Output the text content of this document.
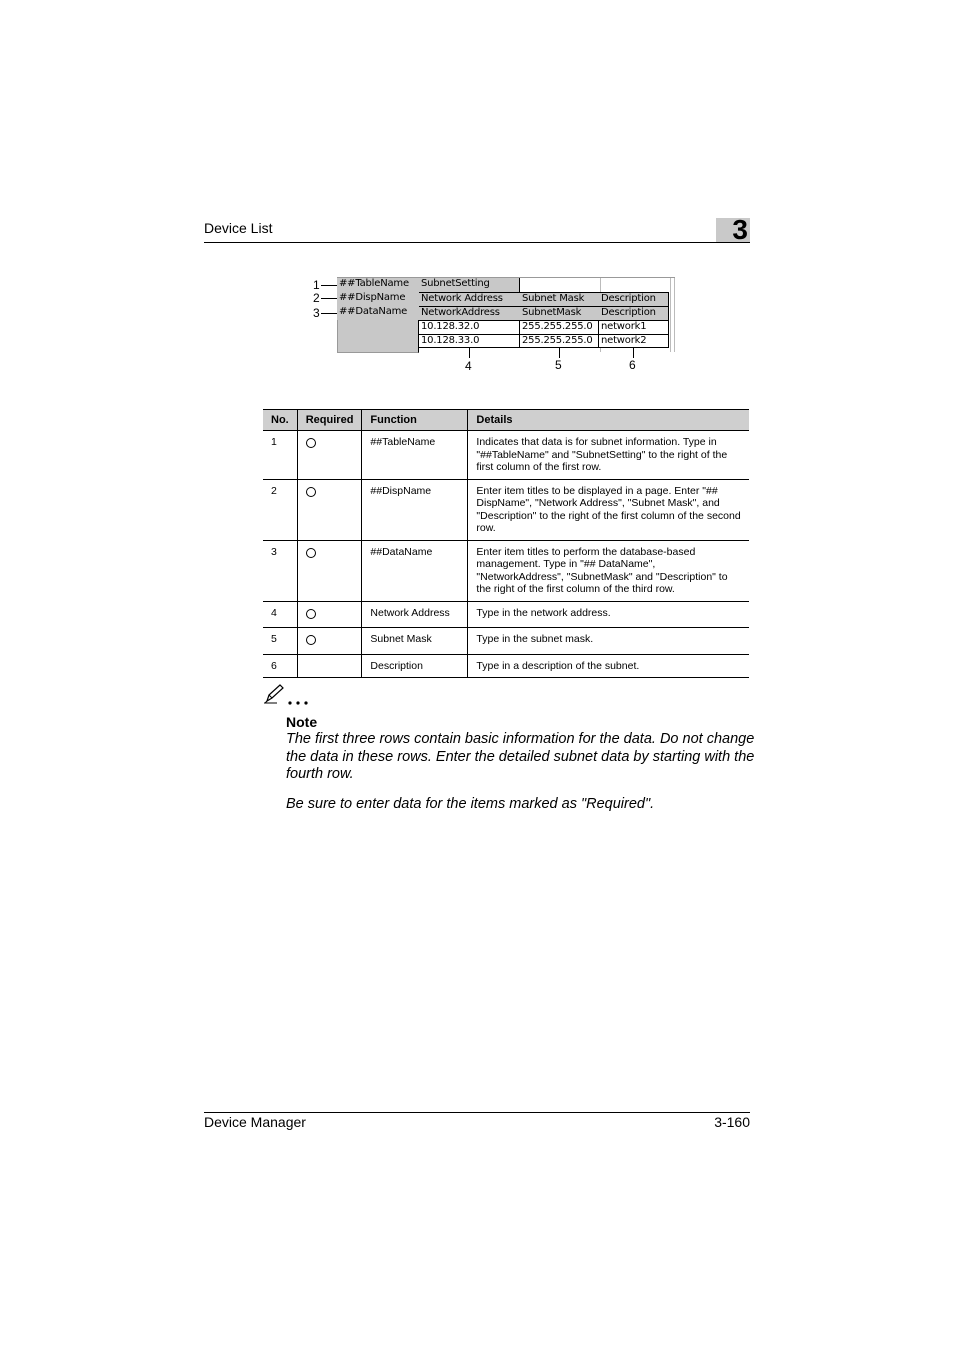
Device List	3
##TableName	SubnetSetting
##DispName	Network Address	Subnet Mask	Description
##DataName	NetworkAddress	SubnetMask	Description
10.128.32.0	255.255.255.0 network1
10.128.33.0	255.255.255.0 network2
1
2
3
4	5	6
No.	Required	Function	Details
1		##TableName	Indicates that data is for subnet information. Type in "##TableName" and "SubnetSetting" to the right of the first column of the first row.
2		##DispName	Enter item titles to be displayed in a page. Enter "## DispName", "Network Address", "Subnet Mask", and "Description" to the right of the first column of the second row.
3		##DataName	Enter item titles to perform the database-based management. Type in "## DataName", "NetworkAddress", "SubnetMask" and "Description" to the right of the first column of the third row.
4		Network Address	Type in the network address.
5		Subnet Mask	Type in the subnet mask.
6		Description	Type in a description of the subnet.
Note
The first three rows contain basic information for the data. Do not change the data in these rows. Enter the detailed subnet data by starting with the fourth row.
Be sure to enter data for the items marked as "Required".
Device Manager	3-160
